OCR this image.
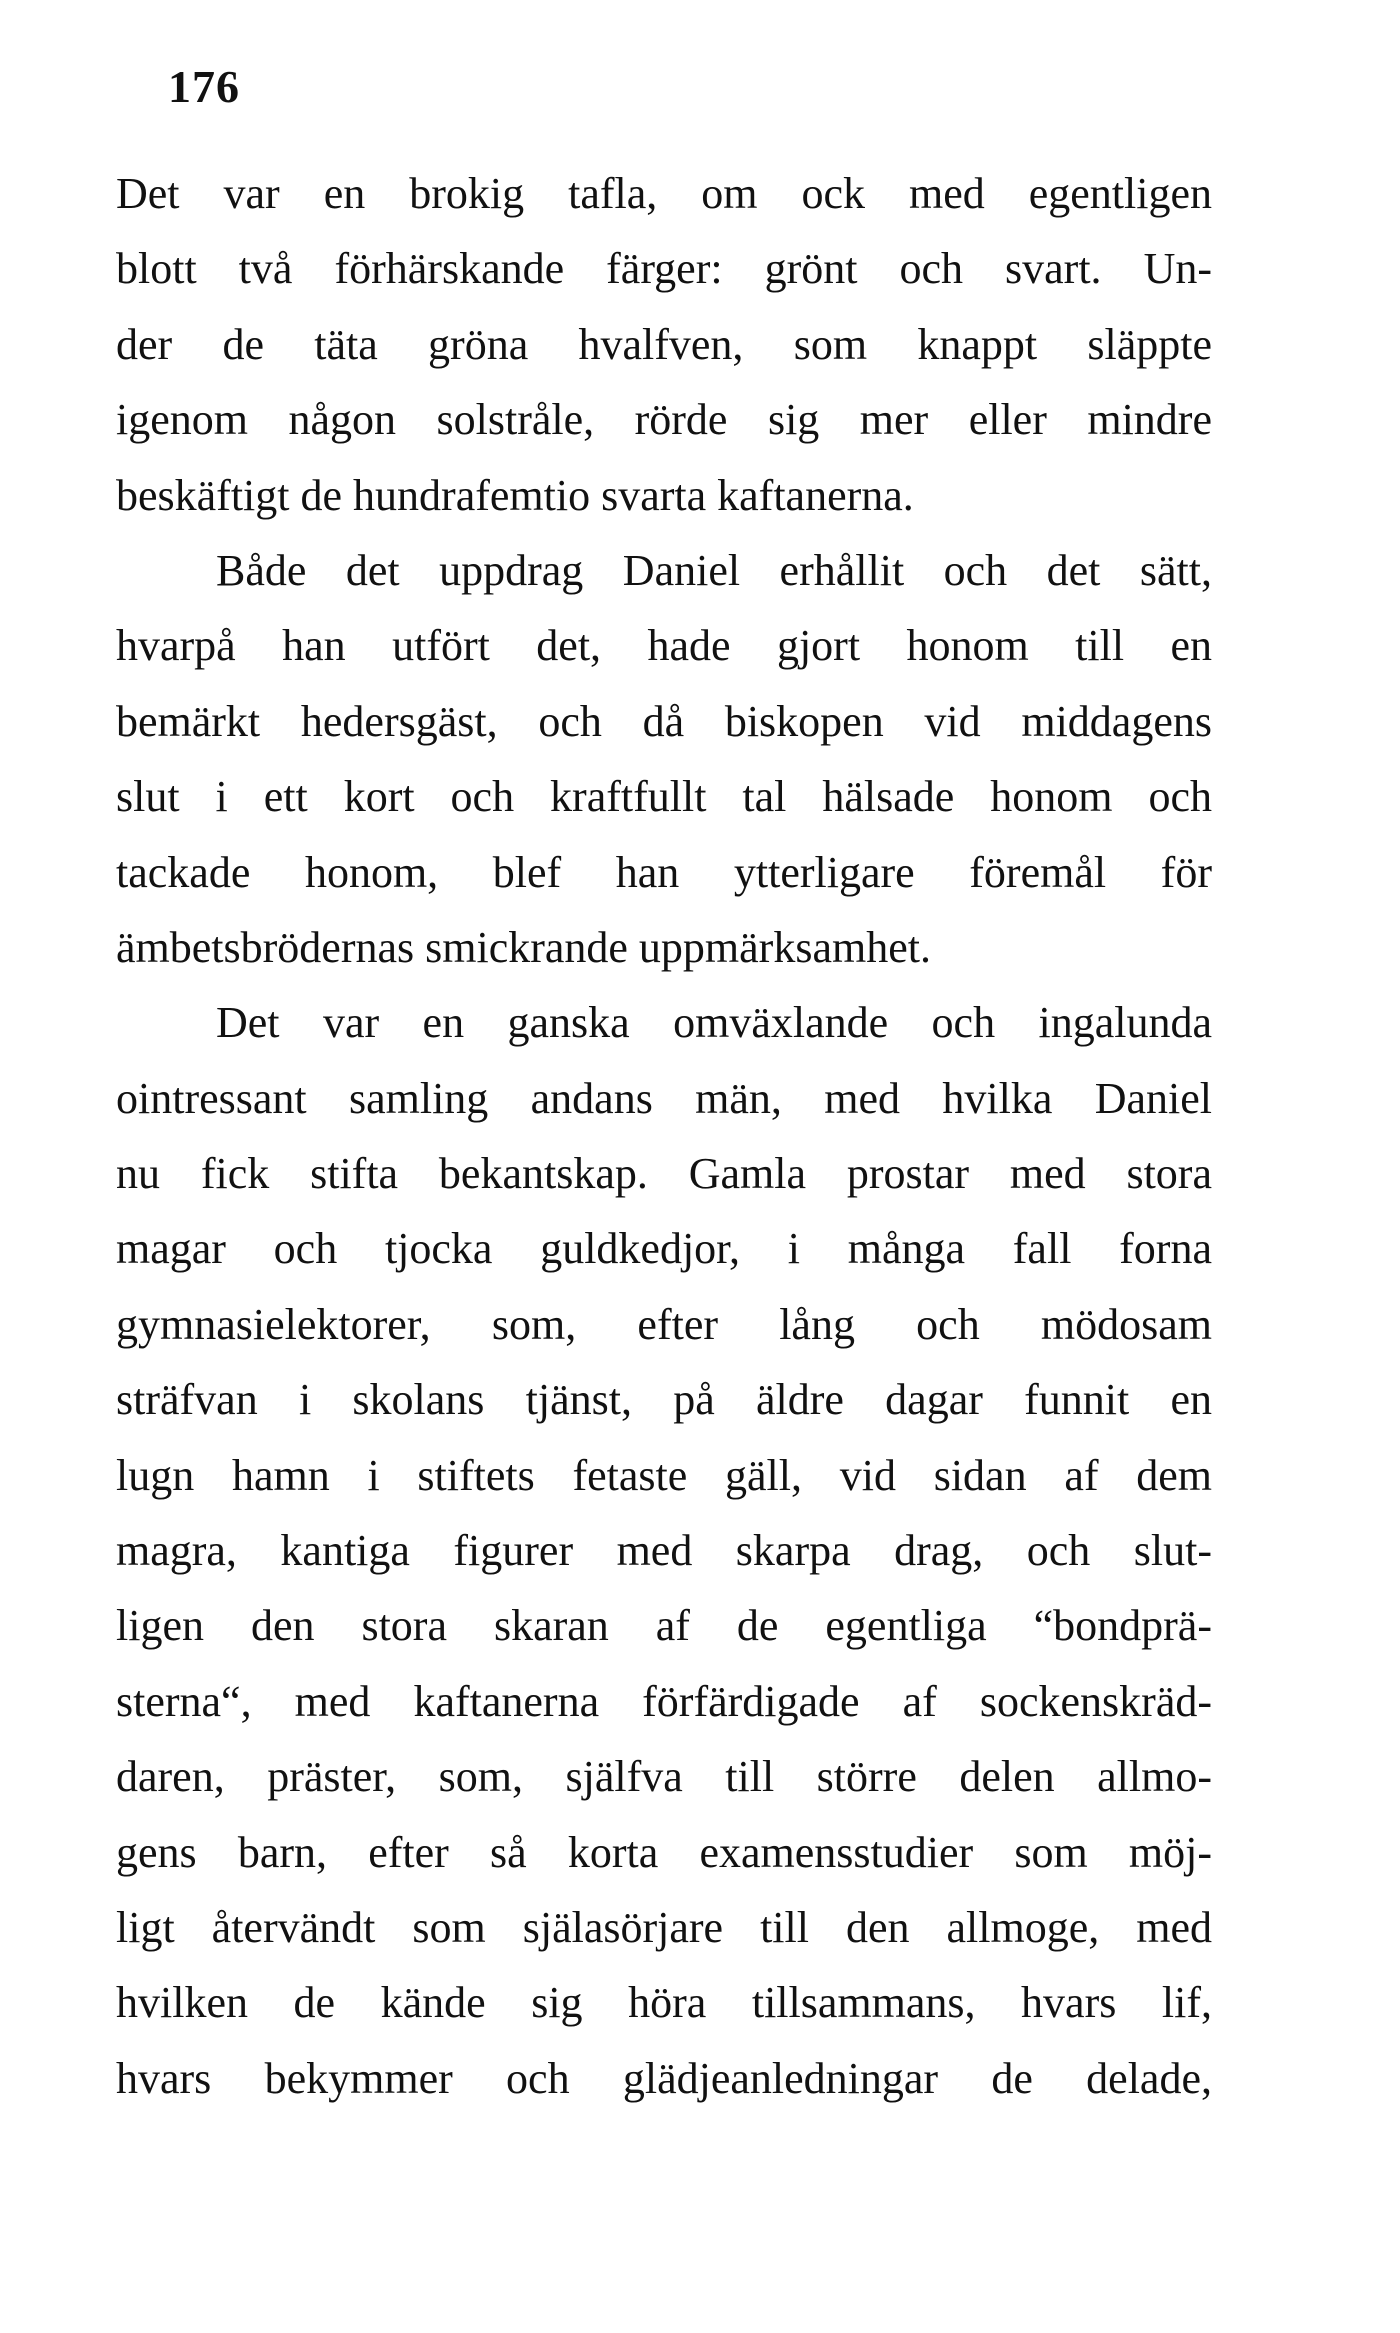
176

Det var en brokig tafla, om ock med egentligen
blott två förhärskande färger: grönt och svart. Un-
der de täta gröna hvalfven, som knappt släppte
igenom någon solstråle, rörde sig mer eller mindre
beskäftigt de hundrafemtio svarta kaftanerna.
Både det uppdrag Daniel erhållit och det sätt,
hvarpå han utfört det, hade gjort honom till en
bemärkt hedersgäst, och då biskopen vid middagens
slut i ett kort och kraftfullt tal hälsade honom och
tackade honom, blef han ytterligare föremål för
ämbetsbrödernas smickrande uppmärksamhet.
Det var en ganska omväxlande och ingalunda
ointressant samling andans män, med hvilka Daniel
nu fick stifta bekantskap. Gamla prostar med stora
magar och tjocka guldkedjor, i många fall forna
gymnasielektorer, som, efter lång och mödosam
sträfvan i skolans tjänst, på äldre dagar funnit en
lugn hamn i stiftets fetaste gäll, vid sidan af dem
magra, kantiga figurer med skarpa drag, och slut-
ligen den stora skaran af de egentliga “bondprä-
sterna“, med kaftanerna förfärdigade af sockenskräd-
daren, präster, som, själfva till större delen allmo-
gens barn, efter så korta examensstudier som möj-
ligt återvändt som själasörjare till den allmoge, med
hvilken de kände sig höra tillsammans, hvars lif,
hvars bekymmer och glädjeanledningar de delade,
